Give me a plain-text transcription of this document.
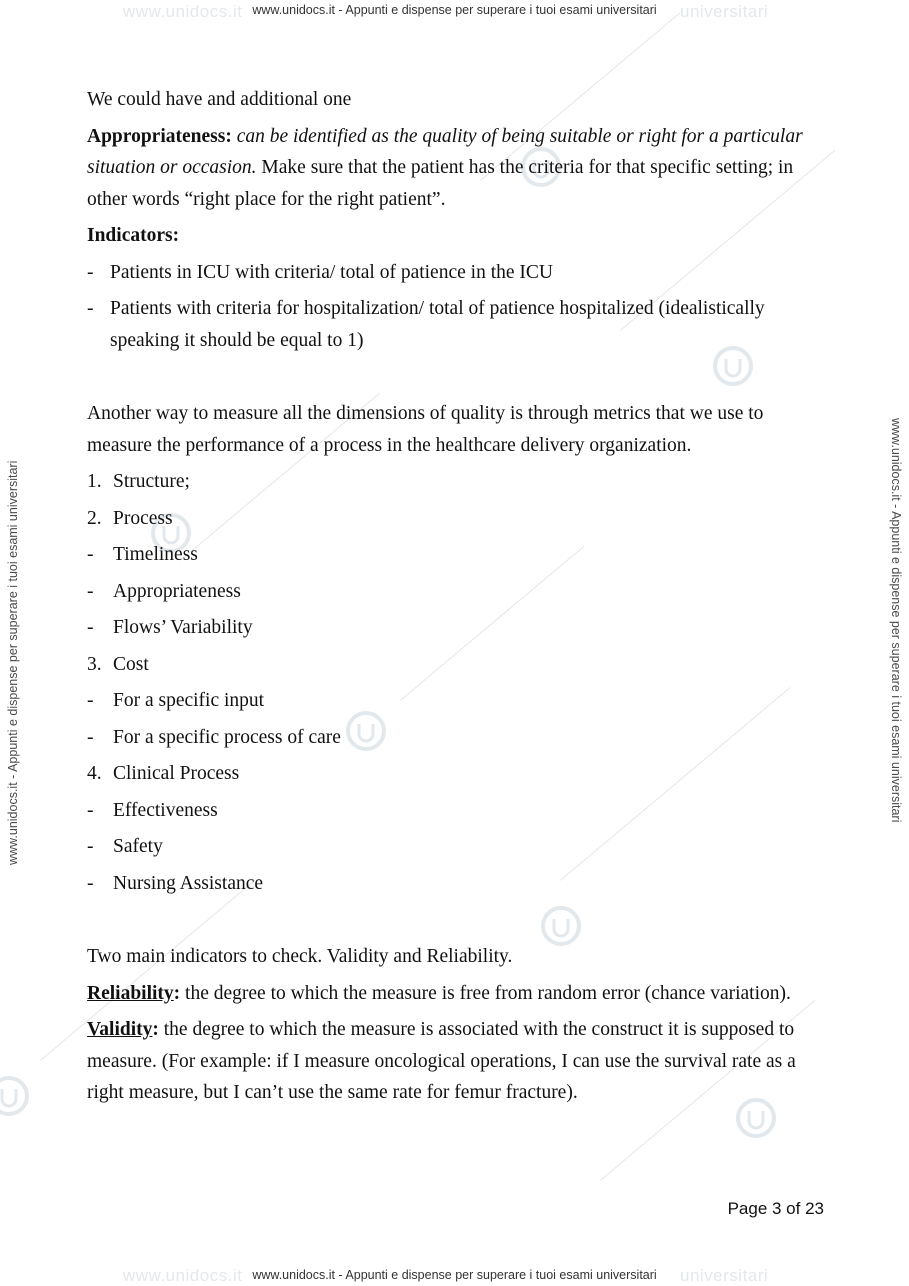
www.unidocs.it	universitari
www.unidocs.it - Appunti e dispense per superare i tuoi esami universitari
www.unidocs.it	universitari
www.unidocs.it - Appunti e dispense per superare i tuoi esami universitari
www.unidocs.it - Appunti e dispense per superare i tuoi esami universitari	www.unidocs.it - Appunti e dispense per superare i tuoi esami universitari

We could have and additional one

Appropriateness: can be identified as the quality of being suitable or right for a particular situation or occasion. Make sure that the patient has the criteria for that specific setting; in other words “right place for the right patient”.

Indicators:

- Patients in ICU with criteria/ total of patience in the ICU
- Patients with criteria for hospitalization/ total of patience hospitalized (idealistically speaking it should be equal to 1)

Another way to measure all the dimensions of quality is through metrics that we use to measure the performance of a process in the healthcare delivery organization.

1. Structure;
2. Process
-	Timeliness
-	Appropriateness
-	Flows’ Variability
3. Cost
-	For a specific input
-	For a specific process of care
4. Clinical Process
-	Effectiveness
-	Safety
-	Nursing Assistance

Two main indicators to check. Validity and Reliability.

Reliability: the degree to which the measure is free from random error (chance variation).

Validity: the degree to which the measure is associated with the construct it is supposed to measure. (For example: if I measure oncological operations, I can use the survival rate as a right measure, but I can’t use the same rate for femur fracture).

Page 3 of 23
